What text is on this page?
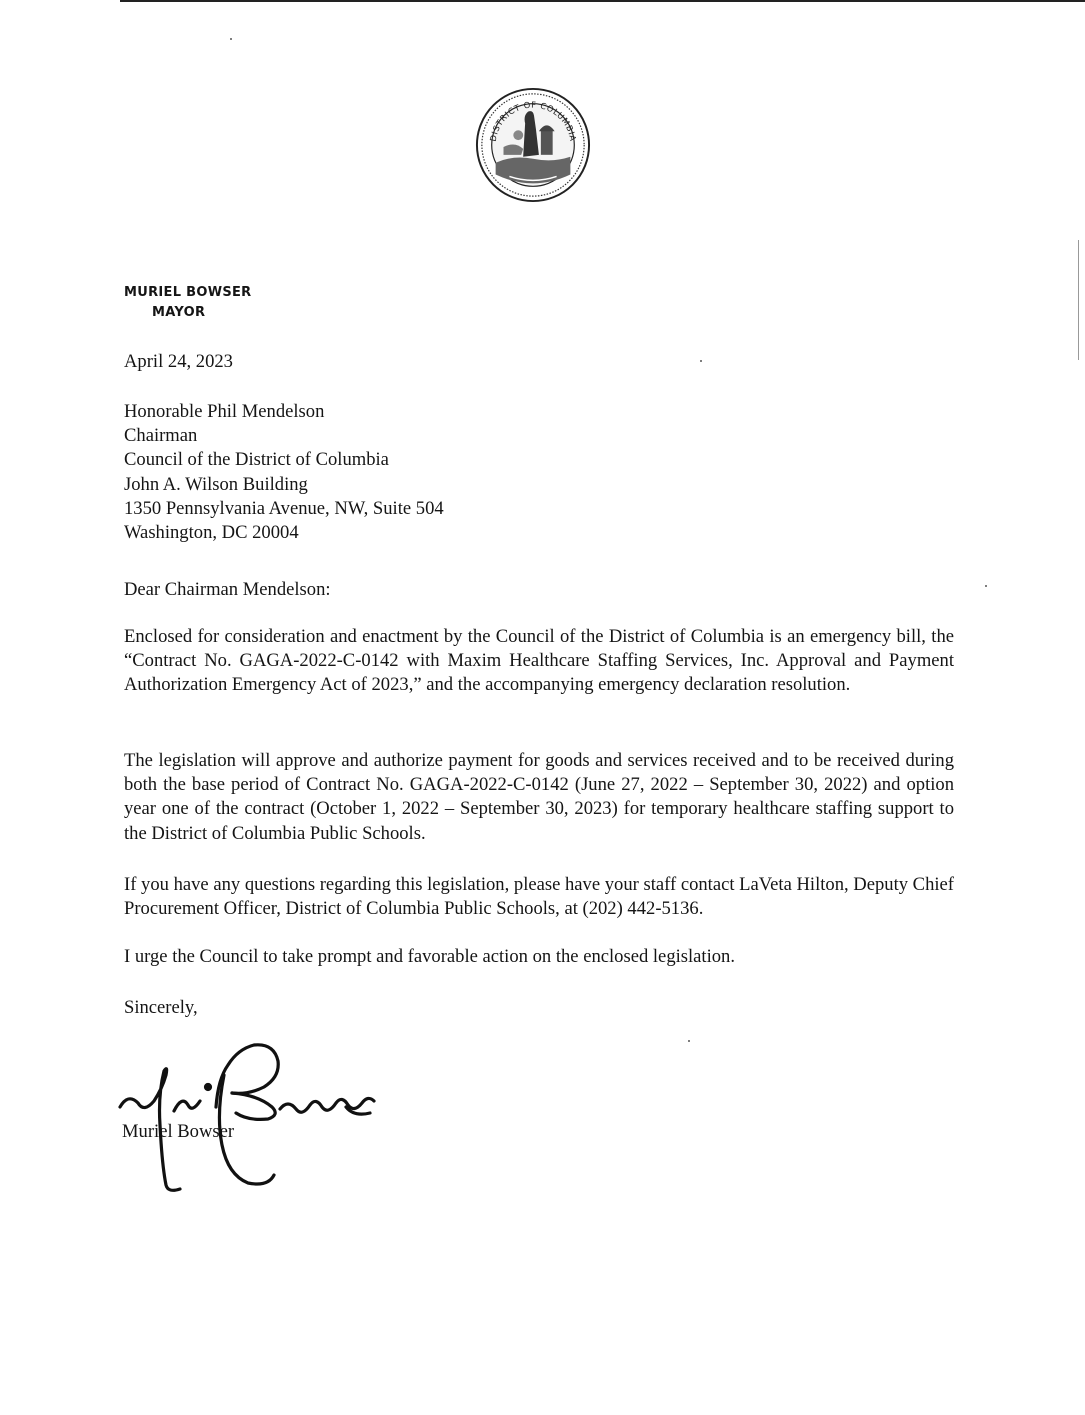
DISTRICT OF COLUMBIA
MURIEL BOWSER
MAYOR
April 24, 2023
Honorable Phil Mendelson
Chairman
Council of the District of Columbia
John A. Wilson Building
1350 Pennsylvania Avenue, NW, Suite 504
Washington, DC 20004
Dear Chairman Mendelson:
Enclosed for consideration and enactment by the Council of the District of Columbia is an emergency bill, the “Contract No. GAGA-2022-C-0142 with Maxim Healthcare Staffing Services, Inc. Approval and Payment Authorization Emergency Act of 2023,” and the accompanying emergency declaration resolution.
The legislation will approve and authorize payment for goods and services received and to be received during both the base period of Contract No. GAGA-2022-C-0142 (June 27, 2022 – September 30, 2022) and option year one of the contract (October 1, 2022 – September 30, 2023) for temporary healthcare staffing support to the District of Columbia Public Schools.
If you have any questions regarding this legislation, please have your staff contact LaVeta Hilton, Deputy Chief Procurement Officer, District of Columbia Public Schools, at (202) 442-5136.
I urge the Council to take prompt and favorable action on the enclosed legislation.
Sincerely,
Muriel Bowser
